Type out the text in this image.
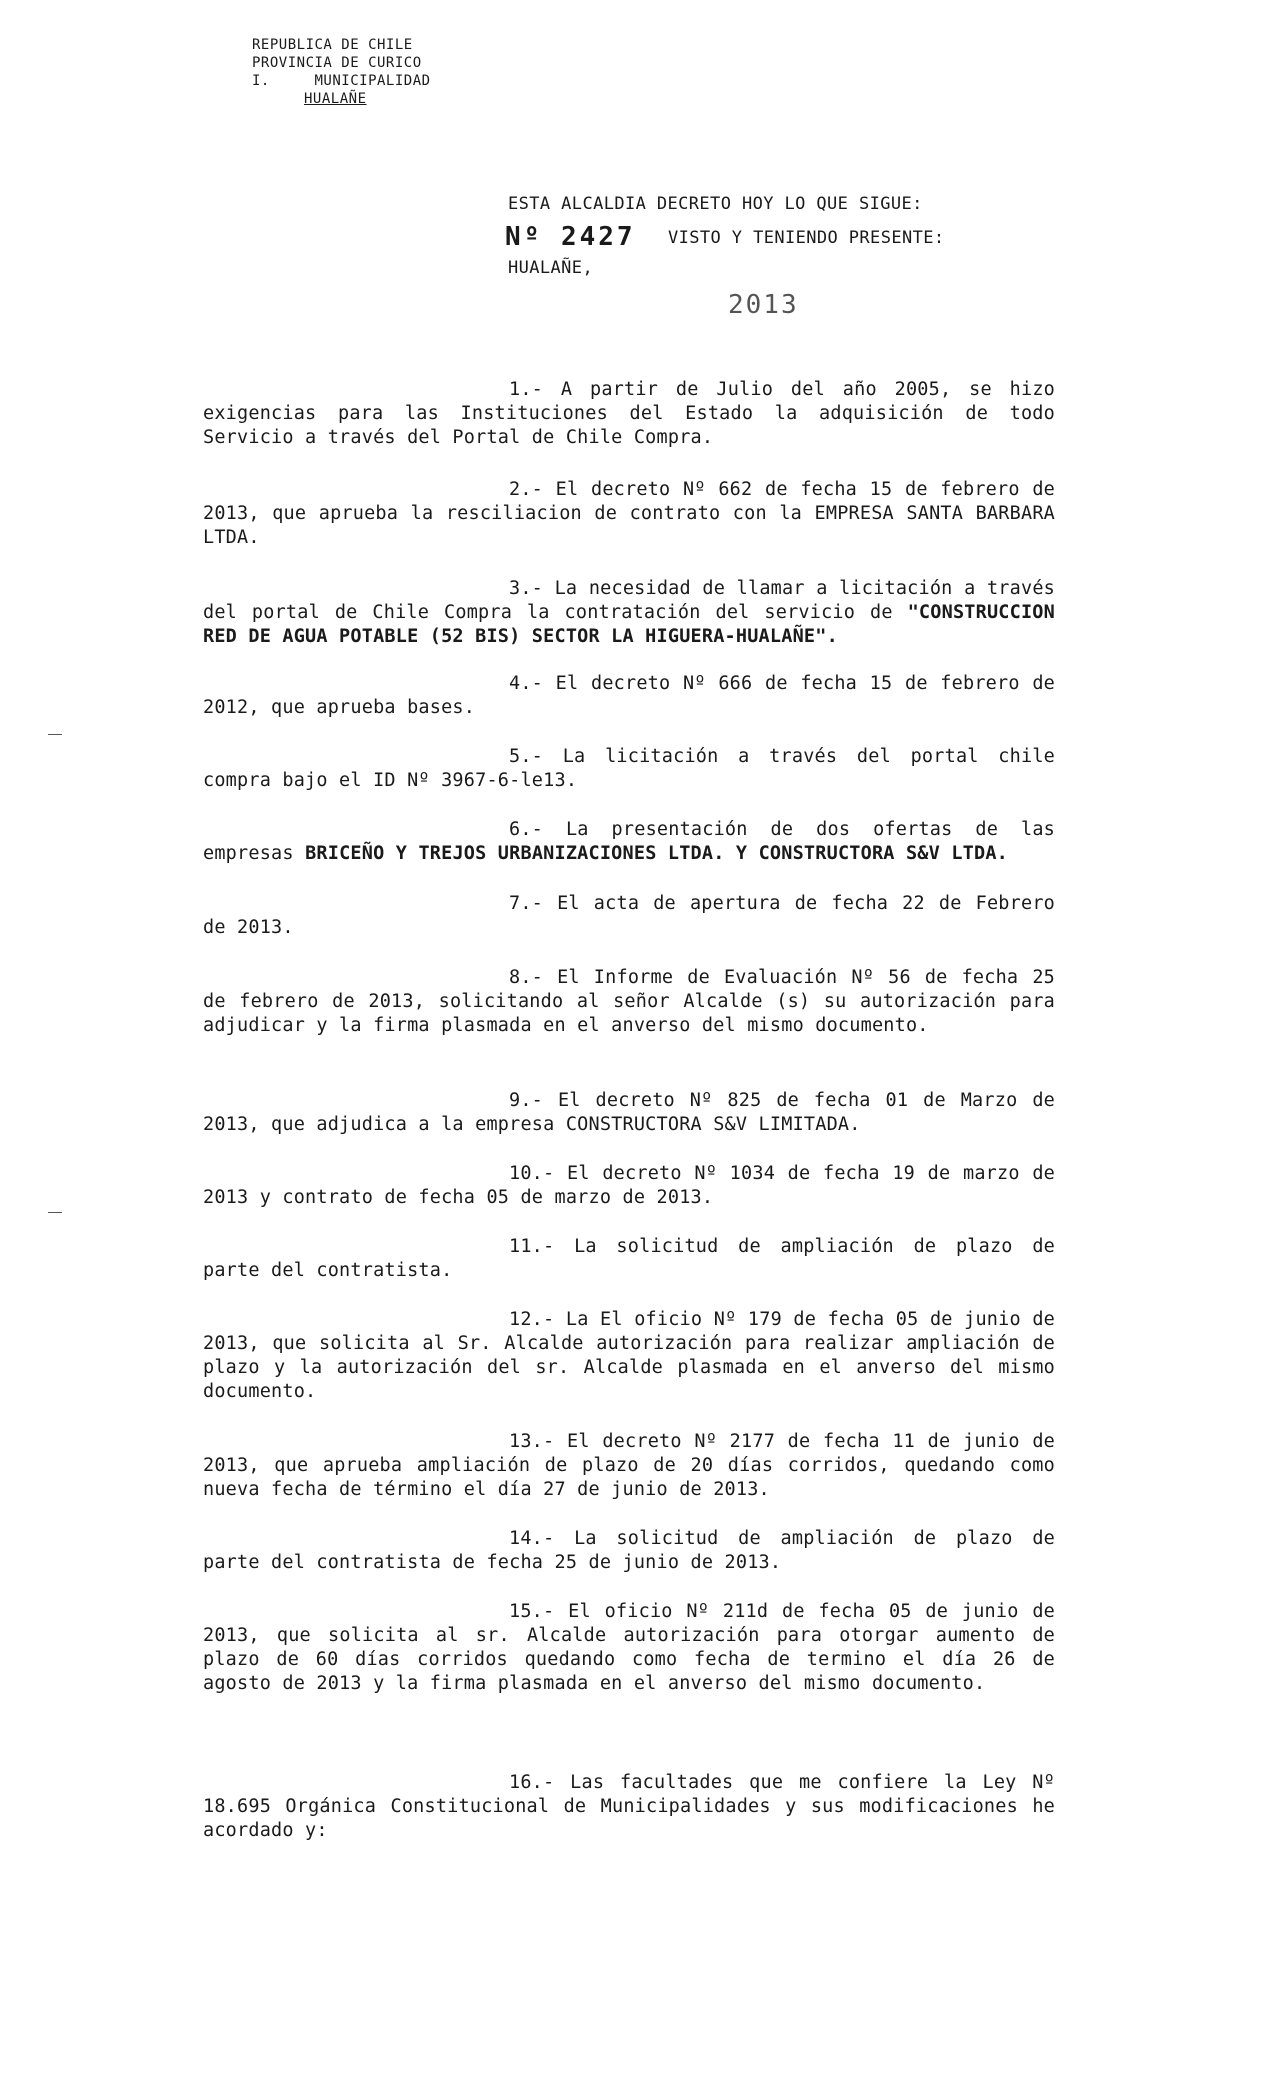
REPUBLICA DE CHILE
PROVINCIA DE CURICO
I.     MUNICIPALIDAD
HUALAÑE
ESTA ALCALDIA DECRETO HOY LO QUE SIGUE:
Nº 2427 VISTO Y TENIENDO PRESENTE:
HUALAÑE,
2013
1.- A partir de Julio del año 2005, se hizo exigencias para las Instituciones del Estado la adquisición de todo Servicio a través del Portal de Chile Compra.
2.- El decreto Nº 662 de fecha 15 de febrero de 2013, que aprueba la resciliacion de contrato con la EMPRESA SANTA BARBARA LTDA.
3.- La necesidad de llamar a licitación a través del portal de Chile Compra la contratación del servicio de "CONSTRUCCION RED DE AGUA POTABLE (52 BIS) SECTOR LA HIGUERA-HUALAÑE".
4.- El decreto Nº 666 de fecha 15 de febrero de 2012, que aprueba bases.
5.- La licitación a través del portal chile compra bajo el ID Nº 3967-6-le13.
6.- La presentación de dos ofertas de las empresas BRICEÑO Y TREJOS URBANIZACIONES LTDA. Y CONSTRUCTORA S&V LTDA.
7.- El acta de apertura de fecha 22 de Febrero de 2013.
8.- El Informe de Evaluación Nº 56 de fecha 25 de febrero de 2013, solicitando al señor Alcalde (s) su autorización para adjudicar y la firma plasmada en el anverso del mismo documento.
9.- El decreto Nº 825 de fecha 01 de Marzo de 2013, que adjudica a la empresa CONSTRUCTORA S&V LIMITADA.
10.- El decreto Nº 1034 de fecha 19 de marzo de 2013 y contrato de fecha 05 de marzo de 2013.
11.- La solicitud de ampliación de plazo de parte del contratista.
12.- La El oficio Nº 179 de fecha 05 de junio de 2013, que solicita al Sr. Alcalde autorización para realizar ampliación de plazo y la autorización del sr. Alcalde plasmada en el anverso del mismo documento.
13.- El decreto Nº 2177 de fecha 11 de junio de 2013, que aprueba ampliación de plazo de 20 días corridos, quedando como nueva fecha de término el día 27 de junio de 2013.
14.- La solicitud de ampliación de plazo de parte del contratista de fecha 25 de junio de 2013.
15.- El oficio Nº 211d de fecha 05 de junio de 2013, que solicita al sr. Alcalde autorización para otorgar aumento de plazo de 60 días corridos quedando como fecha de termino el día 26 de agosto de 2013 y la firma plasmada en el anverso del mismo documento.
16.- Las facultades que me confiere la Ley Nº 18.695 Orgánica Constitucional de Municipalidades y sus modificaciones he acordado y:
